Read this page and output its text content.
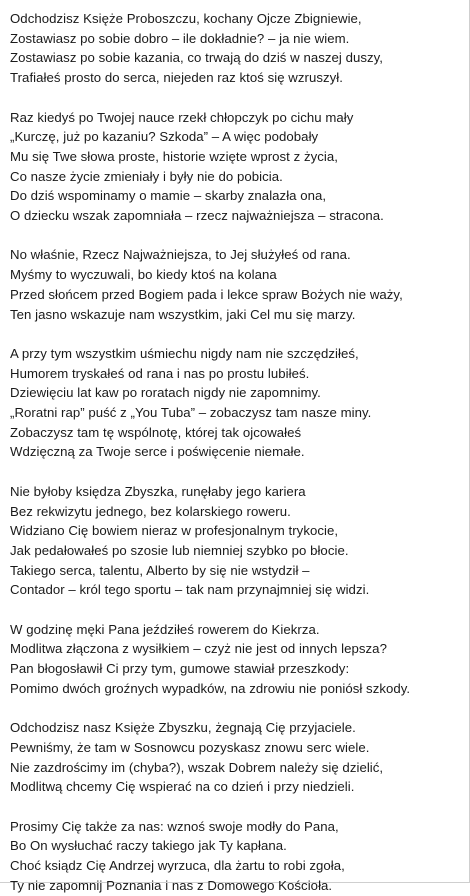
Odchodzisz Księże Proboszczu, kochany Ojcze Zbigniewie,
Zostawiasz po sobie dobro – ile dokładnie? – ja nie wiem.
Zostawiasz po sobie kazania, co trwają do dziś w naszej duszy,
Trafiałeś prosto do serca, niejeden raz ktoś się wzruszył.
Raz kiedyś po Twojej nauce rzekł chłopczyk po cichu mały
„Kurczę, już po kazaniu? Szkoda” – A więc podobały
Mu się Twe słowa proste, historie wzięte wprost z życia,
Co nasze życie zmieniały i były nie do pobicia.
Do dziś wspominamy o mamie – skarby znalazła ona,
O dziecku wszak zapomniała – rzecz najważniejsza – stracona.
No właśnie, Rzecz Najważniejsza, to Jej służyłeś od rana.
Myśmy to wyczuwali, bo kiedy ktoś na kolana
Przed słońcem przed Bogiem pada i lekce spraw Bożych nie waży,
Ten jasno wskazuje nam wszystkim, jaki Cel mu się marzy.
A przy tym wszystkim uśmiechu nigdy nam nie szczędziłeś,
Humorem tryskałeś od rana i nas po prostu lubiłeś.
Dziewięciu lat kaw po roratach nigdy nie zapomnimy.
„Roratni rap” puść z „You Tuba” – zobaczysz tam nasze miny.
Zobaczysz tam tę wspólnotę, której tak ojcowałeś
Wdzięczną za Twoje serce i poświęcenie niemałe.
Nie byłoby księdza Zbyszka, runęłaby jego kariera
Bez rekwizytu jednego, bez kolarskiego roweru.
Widziano Cię bowiem nieraz w profesjonalnym trykocie,
Jak pedałowałeś po szosie lub niemniej szybko po błocie.
Takiego serca, talentu, Alberto by się nie wstydził –
Contador – król tego sportu – tak nam przynajmniej się widzi.
W godzinę męki Pana jeździłeś rowerem do Kiekrza.
Modlitwa złączona z wysiłkiem – czyż nie jest od innych lepsza?
Pan błogosławił Ci przy tym, gumowe stawiał przeszkody:
Pomimo dwóch groźnych wypadków, na zdrowiu nie poniósł szkody.
Odchodzisz nasz Księże Zbyszku, żegnają Cię przyjaciele.
Pewniśmy, że tam w Sosnowcu pozyskasz znowu serc wiele.
Nie zazdrościmy im (chyba?), wszak Dobrem należy się dzielić,
Modlitwą chcemy Cię wspierać na co dzień i przy niedzieli.
Prosimy Cię także za nas: wznoś swoje modły do Pana,
Bo On wysłuchać raczy takiego jak Ty kapłana.
Choć ksiądz Cię Andrzej wyrzuca, dla żartu to robi zgoła,
Ty nie zapomnij Poznania i nas z Domowego Kościoła.
